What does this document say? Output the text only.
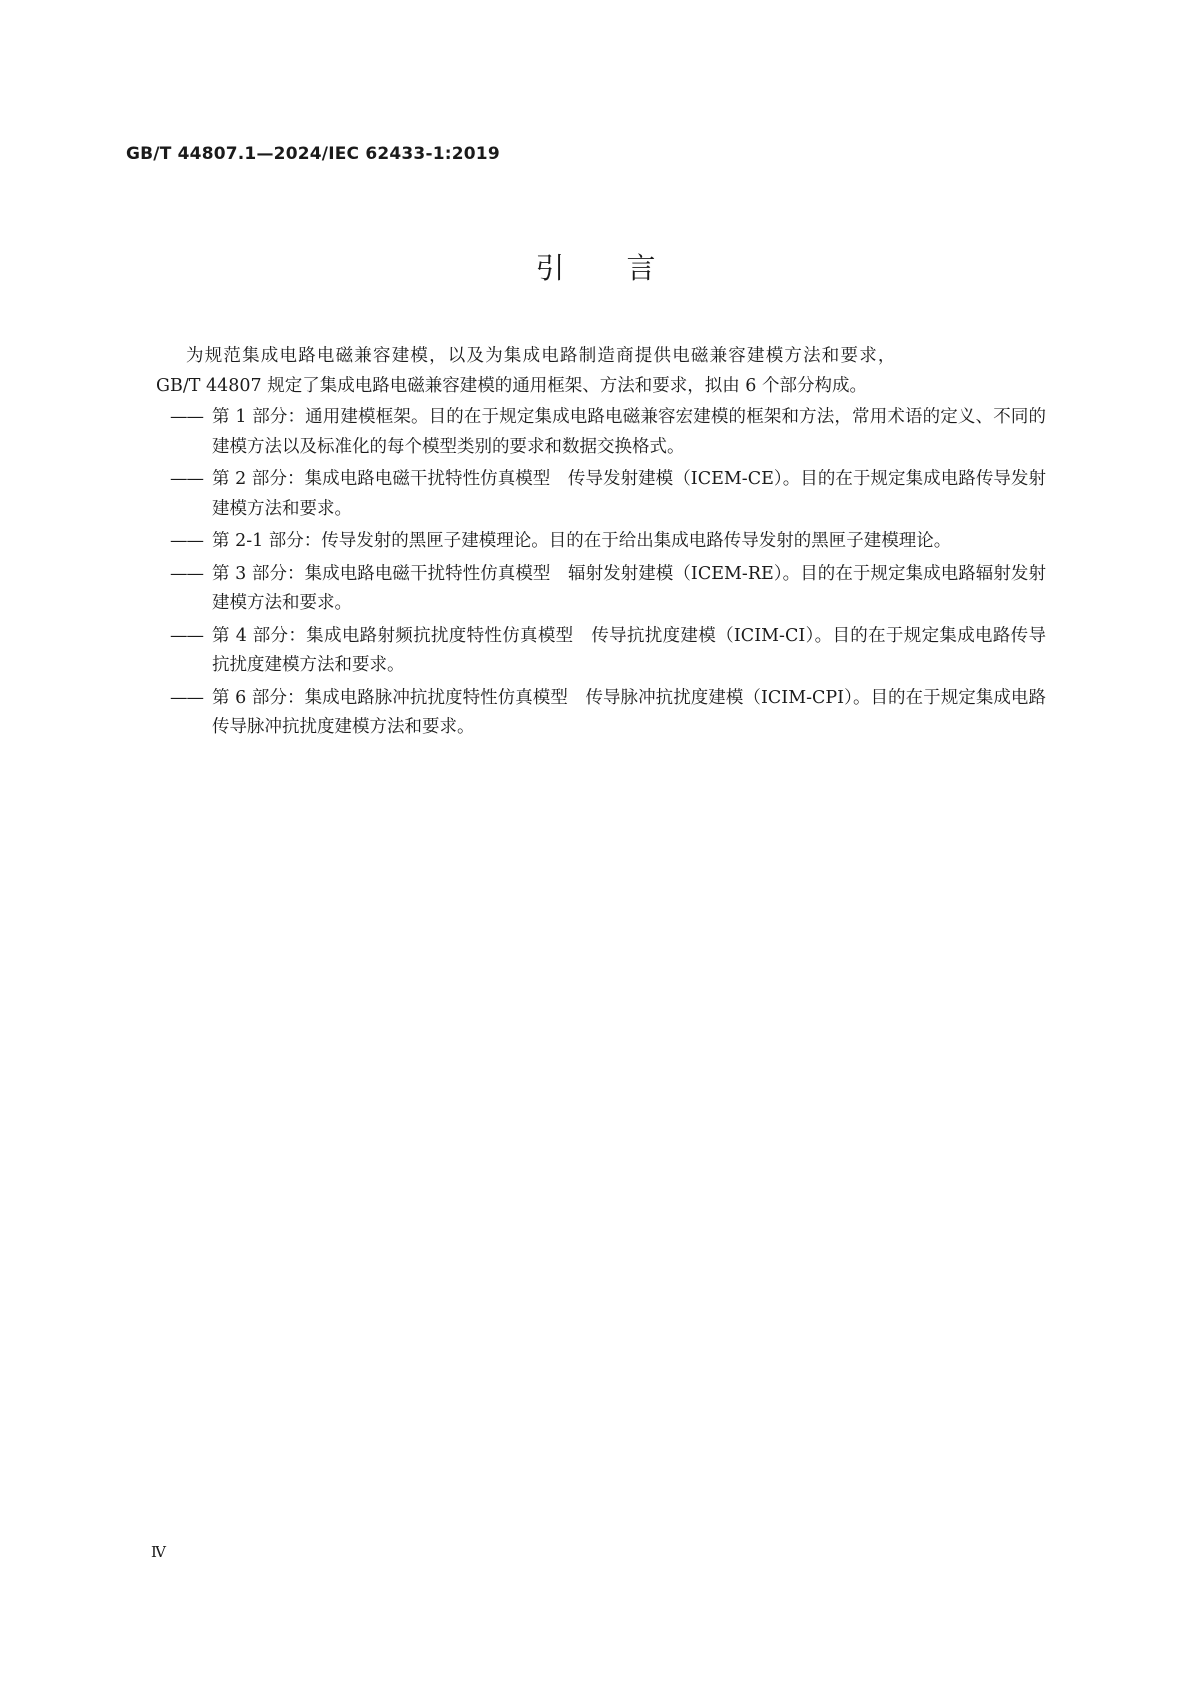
GB/T 44807.1—2024/IEC 62433-1:2019
引言

为规范集成电路电磁兼容建模，以及为集成电路制造商提供电磁兼容建模方法和要求，
GB/T 44807 规定了集成电路电磁兼容建模的通用框架、方法和要求，拟由 6 个部分构成。

—— 第 1 部分：通用建模框架。目的在于规定集成电路电磁兼容宏建模的框架和方法，常用术语的定义、不同的建模方法以及标准化的每个模型类别的要求和数据交换格式。
—— 第 2 部分：集成电路电磁干扰特性仿真模型　传导发射建模（ICEM-CE）。目的在于规定集成电路传导发射建模方法和要求。
—— 第 2-1 部分：传导发射的黑匣子建模理论。目的在于给出集成电路传导发射的黑匣子建模理论。
—— 第 3 部分：集成电路电磁干扰特性仿真模型　辐射发射建模（ICEM-RE）。目的在于规定集成电路辐射发射建模方法和要求。
—— 第 4 部分：集成电路射频抗扰度特性仿真模型　传导抗扰度建模（ICIM-CI）。目的在于规定集成电路传导抗扰度建模方法和要求。
—— 第 6 部分：集成电路脉冲抗扰度特性仿真模型　传导脉冲抗扰度建模（ICIM-CPI）。目的在于规定集成电路传导脉冲抗扰度建模方法和要求。
Ⅳ
